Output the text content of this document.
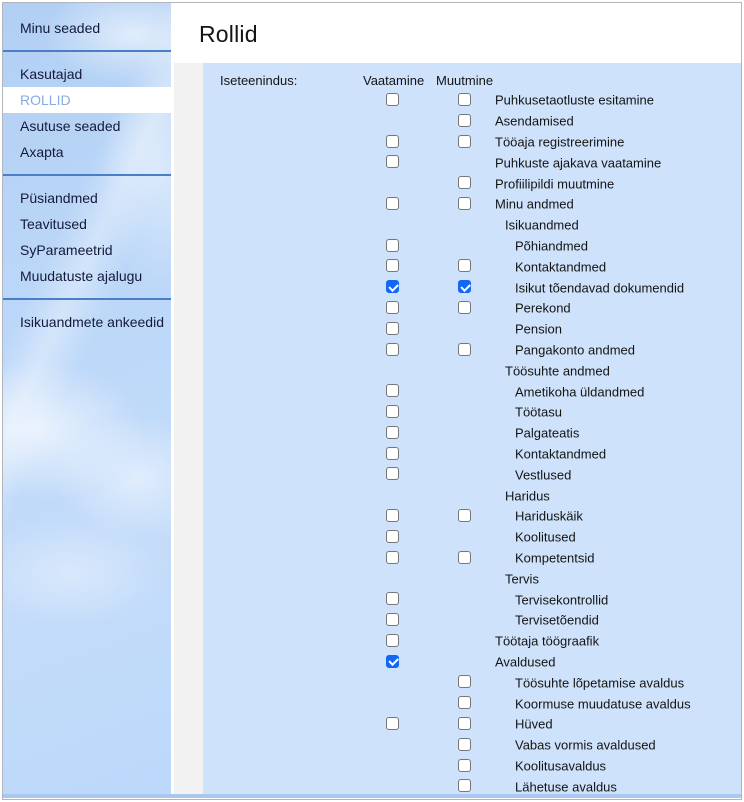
Minu seaded
Kasutajad
ROLLID
Asutuse seaded
Axapta
Püsiandmed
Teavitused
SyParameetrid
Muudatuste ajalugu
Isikuandmete ankeedid
Rollid
Iseteenindus:	Vaatamine Muutmine
Puhkusetaotluste esitamine
Asendamised
Tööaja registreerimine
Puhkuste ajakava vaatamine
Profiilipildi muutmine
Minu andmed
Isikuandmed
Põhiandmed
Kontaktandmed
Isikut tõendavad dokumendid
Perekond
Pension
Pangakonto andmed
Töösuhte andmed
Ametikoha üldandmed
Töötasu
Palgateatis
Kontaktandmed
Vestlused
Haridus
Hariduskäik
Koolitused
Kompetentsid
Tervis
Tervisekontrollid
Tervisetõendid
Töötaja töögraafik
Avaldused
Töösuhte lõpetamise avaldus
Koormuse muudatuse avaldus
Hüved
Vabas vormis avaldused
Koolitusavaldus
Lähetuse avaldus
